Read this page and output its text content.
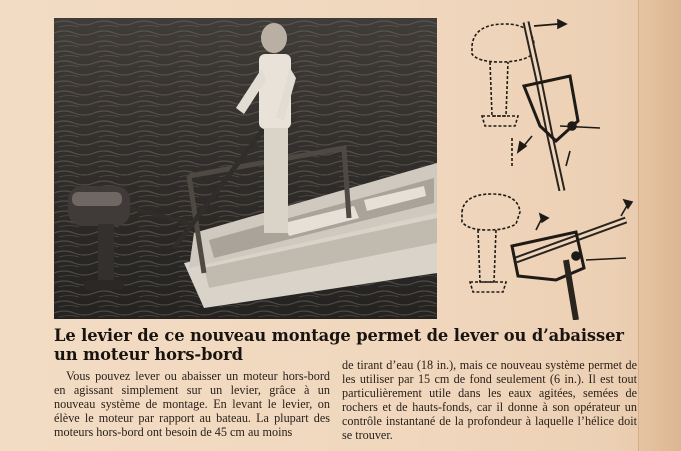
Le levier de ce nouveau montage permet de lever ou d’abaisser un moteur hors-bord

Vous pouvez lever ou abaisser un moteur hors-bord en agissant simplement sur un levier, grâce à un nouveau système de montage. En levant le levier, on élève le moteur par rapport au bateau. La plupart des moteurs hors-bord ont besoin de 45 cm au moins

de tirant d’eau (18 in.), mais ce nouveau système permet de les utiliser par 15 cm de fond seulement (6 in.). Il est tout particulièrement utile dans les eaux agitées, semées de rochers et de hauts-fonds, car il donne à son opérateur un contrôle instantané de la profondeur à laquelle l’hélice doit se trouver.
